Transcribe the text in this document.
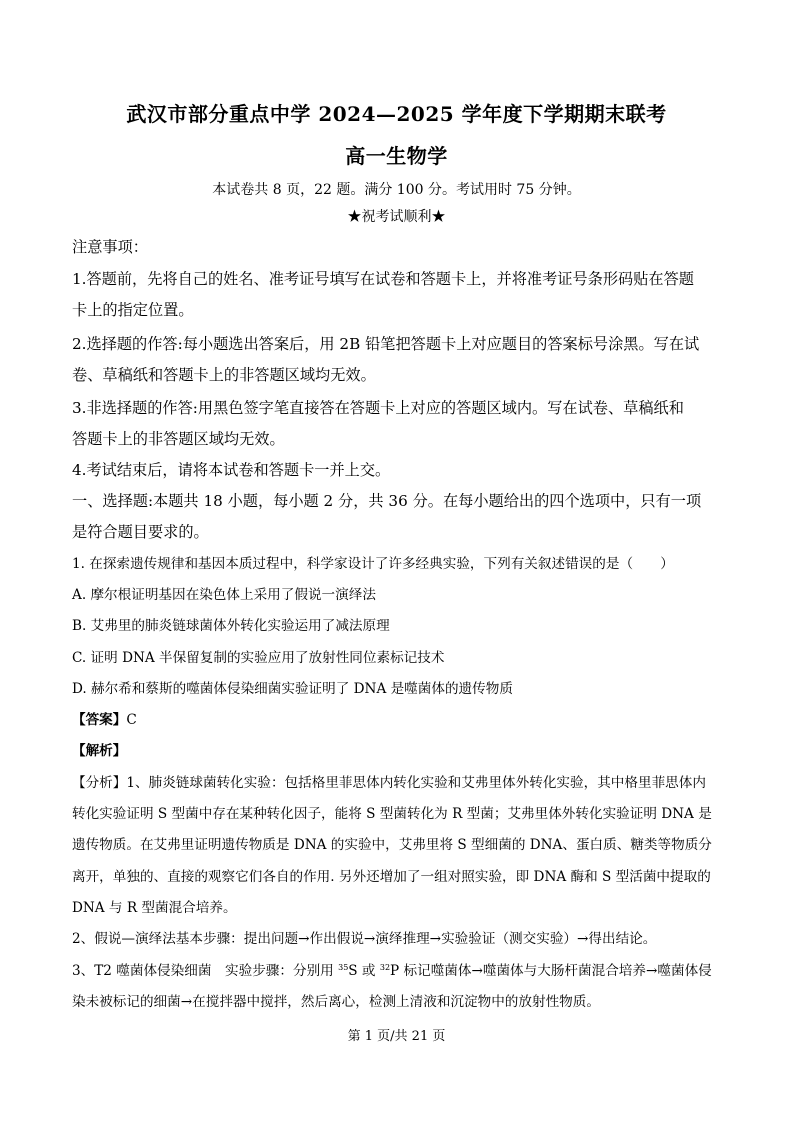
武汉市部分重点中学 2024—2025 学年度下学期期末联考
高一生物学
本试卷共 8 页，22 题。满分 100 分。考试用时 75 分钟。
★祝考试顺利★
注意事项：
1.答题前，先将自己的姓名、准考证号填写在试卷和答题卡上，并将准考证号条形码贴在答题
卡上的指定位置。
2.选择题的作答:每小题选出答案后，用 2B 铅笔把答题卡上对应题目的答案标号涂黑。写在试
卷、草稿纸和答题卡上的非答题区域均无效。
3.非选择题的作答:用黑色签字笔直接答在答题卡上对应的答题区域内。写在试卷、草稿纸和
答题卡上的非答题区域均无效。
4.考试结束后，请将本试卷和答题卡一并上交。
一、选择题:本题共 18 小题，每小题 2 分，共 36 分。在每小题给出的四个选项中，只有一项
是符合题目要求的。
1. 在探索遗传规律和基因本质过程中，科学家设计了许多经典实验，下列有关叙述错误的是（　　）
A. 摩尔根证明基因在染色体上采用了假说一演绎法
B. 艾弗里的肺炎链球菌体外转化实验运用了减法原理
C. 证明 DNA 半保留复制的实验应用了放射性同位素标记技术
D. 赫尔希和蔡斯的噬菌体侵染细菌实验证明了 DNA 是噬菌体的遗传物质
【答案】C
【解析】
【分析】1、肺炎链球菌转化实验：包括格里菲思体内转化实验和艾弗里体外转化实验，其中格里菲思体内
转化实验证明 S 型菌中存在某种转化因子，能将 S 型菌转化为 R 型菌；艾弗里体外转化实验证明 DNA 是
遗传物质。在艾弗里证明遗传物质是 DNA 的实验中，艾弗里将 S 型细菌的 DNA、蛋白质、糖类等物质分
离开，单独的、直接的观察它们各自的作用. 另外还增加了一组对照实验，即 DNA 酶和 S 型活菌中提取的
DNA 与 R 型菌混合培养。
2、假说—演绎法基本步骤：提出问题→作出假说→演绎推理→实验验证（测交实验）→得出结论。
3、T2 噬菌体侵染细菌　实验步骤：分别用 $^{35}$S 或 $^{32}$P 标记噬菌体→噬菌体与大肠杆菌混合培养→噬菌体侵
染未被标记的细菌→在搅拌器中搅拌，然后离心，检测上清液和沉淀物中的放射性物质。
第 1 页/共 21 页
